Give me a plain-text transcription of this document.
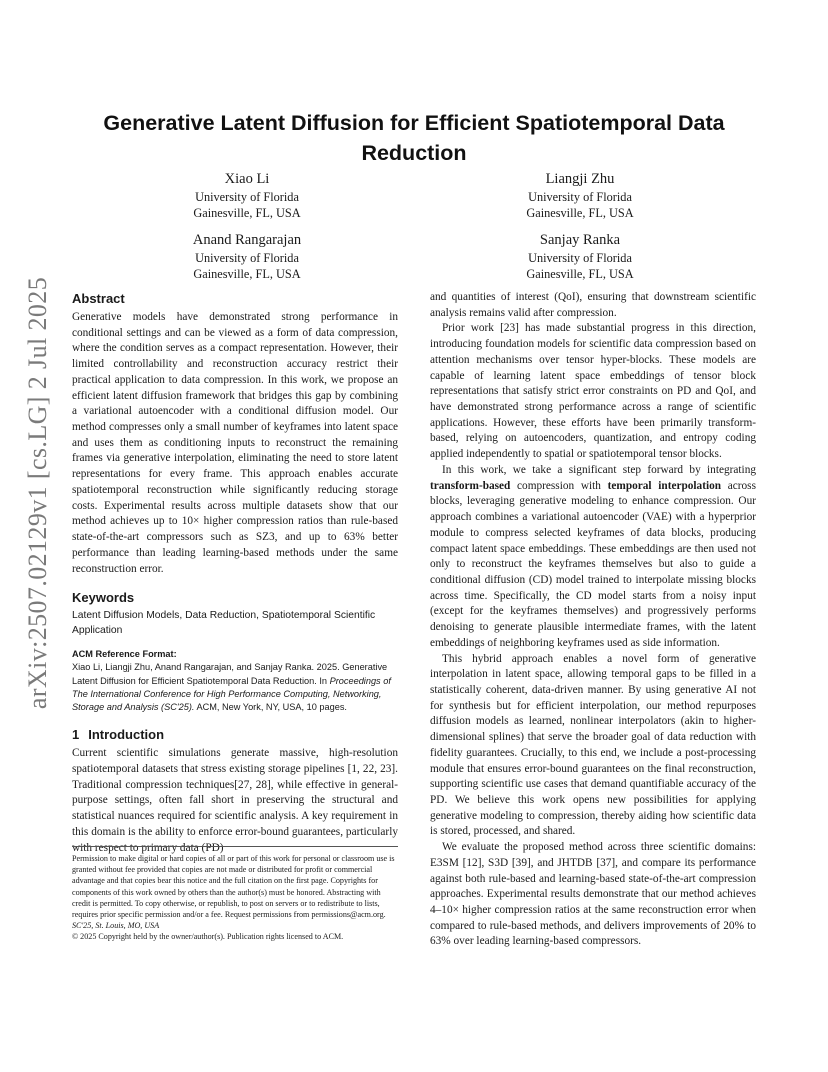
arXiv:2507.02129v1 [cs.LG] 2 Jul 2025
Generative Latent Diffusion for Efficient Spatiotemporal Data Reduction
Xiao Li
University of Florida
Gainesville, FL, USA
Liangji Zhu
University of Florida
Gainesville, FL, USA
Anand Rangarajan
University of Florida
Gainesville, FL, USA
Sanjay Ranka
University of Florida
Gainesville, FL, USA
Abstract

Generative models have demonstrated strong performance in conditional settings and can be viewed as a form of data compression, where the condition serves as a compact representation. However, their limited controllability and reconstruction accuracy restrict their practical application to data compression. In this work, we propose an efficient latent diffusion framework that bridges this gap by combining a variational autoencoder with a conditional diffusion model. Our method compresses only a small number of keyframes into latent space and uses them as conditioning inputs to reconstruct the remaining frames via generative interpolation, eliminating the need to store latent representations for every frame. This approach enables accurate spatiotemporal reconstruction while significantly reducing storage costs. Experimental results across multiple datasets show that our method achieves up to 10× higher compression ratios than rule-based state-of-the-art compressors such as SZ3, and up to 63% better performance than leading learning-based methods under the same reconstruction error.

Keywords
Latent Diffusion Models, Data Reduction, Spatiotemporal Scientific Application
ACM Reference Format:
Xiao Li, Liangji Zhu, Anand Rangarajan, and Sanjay Ranka. 2025. Generative Latent Diffusion for Efficient Spatiotemporal Data Reduction. In Proceedings of The International Conference for High Performance Computing, Networking, Storage and Analysis (SC'25). ACM, New York, NY, USA, 10 pages.
1 Introduction

Current scientific simulations generate massive, high-resolution spatiotemporal datasets that stress existing storage pipelines [1, 22, 23]. Traditional compression techniques[27, 28], while effective in general-purpose settings, often fall short in preserving the structural and statistical nuances required for scientific analysis. A key requirement in this domain is the ability to enforce error-bound guarantees, particularly with respect to primary data (PD)

Permission to make digital or hard copies of all or part of this work for personal or classroom use is granted without fee provided that copies are not made or distributed for profit or commercial advantage and that copies bear this notice and the full citation on the first page. Copyrights for components of this work owned by others than the author(s) must be honored. Abstracting with credit is permitted. To copy otherwise, or republish, to post on servers or to redistribute to lists, requires prior specific permission and/or a fee. Request permissions from permissions@acm.org.
SC'25, St. Louis, MO, USA
© 2025 Copyright held by the owner/author(s). Publication rights licensed to ACM.

and quantities of interest (QoI), ensuring that downstream scientific analysis remains valid after compression.

Prior work [23] has made substantial progress in this direction, introducing foundation models for scientific data compression based on attention mechanisms over tensor hyper-blocks. These models are capable of learning latent space embeddings of tensor block representations that satisfy strict error constraints on PD and QoI, and have demonstrated strong performance across a range of scientific applications. However, these efforts have been primarily transform-based, relying on autoencoders, quantization, and entropy coding applied independently to spatial or spatiotemporal tensor blocks.

In this work, we take a significant step forward by integrating transform-based compression with temporal interpolation across blocks, leveraging generative modeling to enhance compression. Our approach combines a variational autoencoder (VAE) with a hyperprior module to compress selected keyframes of data blocks, producing compact latent space embeddings. These embeddings are then used not only to reconstruct the keyframes themselves but also to guide a conditional diffusion (CD) model trained to interpolate missing blocks across time. Specifically, the CD model starts from a noisy input (except for the keyframes themselves) and progressively performs denoising to generate plausible intermediate frames, with the latent embeddings of neighboring keyframes used as side information.

This hybrid approach enables a novel form of generative interpolation in latent space, allowing temporal gaps to be filled in a statistically coherent, data-driven manner. By using generative AI not for synthesis but for efficient interpolation, our method repurposes diffusion models as learned, nonlinear interpolators (akin to higher-dimensional splines) that serve the broader goal of data reduction with fidelity guarantees. Crucially, to this end, we include a post-processing module that ensures error-bound guarantees on the final reconstruction, supporting scientific use cases that demand quantifiable accuracy of the PD. We believe this work opens new possibilities for applying generative modeling to compression, thereby aiding how scientific data is stored, processed, and shared.

We evaluate the proposed method across three scientific domains: E3SM [12], S3D [39], and JHTDB [37], and compare its performance against both rule-based and learning-based state-of-the-art compression approaches. Experimental results demonstrate that our method achieves 4–10× higher compression ratios at the same reconstruction error when compared to rule-based methods, and delivers improvements of 20% to 63% over leading learning-based compressors.
